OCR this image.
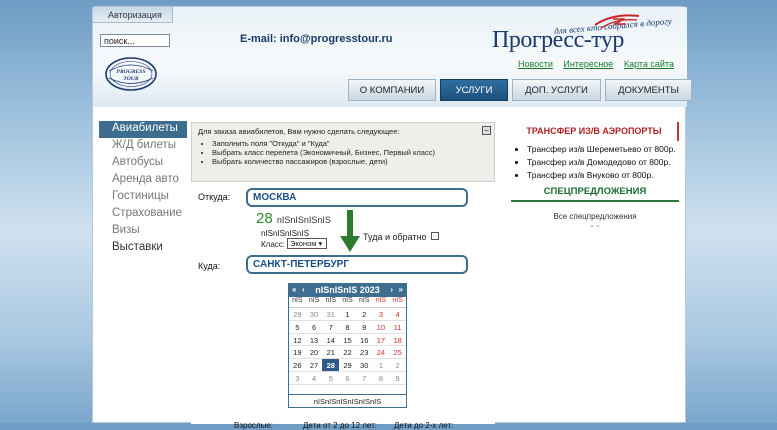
Авторизация
поиск...
PROGRESS
TOUR
E-mail: info@progresstour.ru
для всех кто собрался в дорогу
Прогресс-тур
Новости Интересное Карта сайта
О КОМПАНИИ	УСЛУГИ	ДОП. УСЛУГИ	ДОКУМЕНТЫ
Авиабилеты
Ж/Д билеты
Автобусы
Аренда авто
Гостиницы
Страхование
Визы
Выставки
Для заказа авиабилетов, Вам нужно сделать следующее:
• Заполнить поля "Откуда" и "Куда"
• Выбрать класс перелета (Экономичный, Бизнес, Первый класс)
• Выбрать количество пассажиров (взрослые, дети)
−
Откуда:	МОСКВА
28 nISnISnISnIS
nISnISnISnIS
Класс: Эконом ▾
Туда и обратно
Куда:	САНКТ-ПЕТЕРБУРГ
« ‹ nISnISnIS 2023 › »
nIS nIS nIS nIS nIS nIS nIS
29	30	31	1	2	3	4
5	6	7	8	9	10	11
12	13	14	15	16	17	18
19	20	21	22	23	24	25
26	27	28	29	30	1	2
3	4	5	6	7	8	9
nISnISnISnISnISnIS
Взрослые:	Дети от 2 до 12 лет: Дети до 2-х лет:
ТРАНСФЕР ИЗ/В АЭРОПОРТЫ
• Трансфер из/в Шереметьево от 800р.
• Трансфер из/в Домодедово от 800р.
• Трансфер из/в Внуково от 800р.
СПЕЦПРЕДЛОЖЕНИЯ
Все спецпредложения
⌄⌄
